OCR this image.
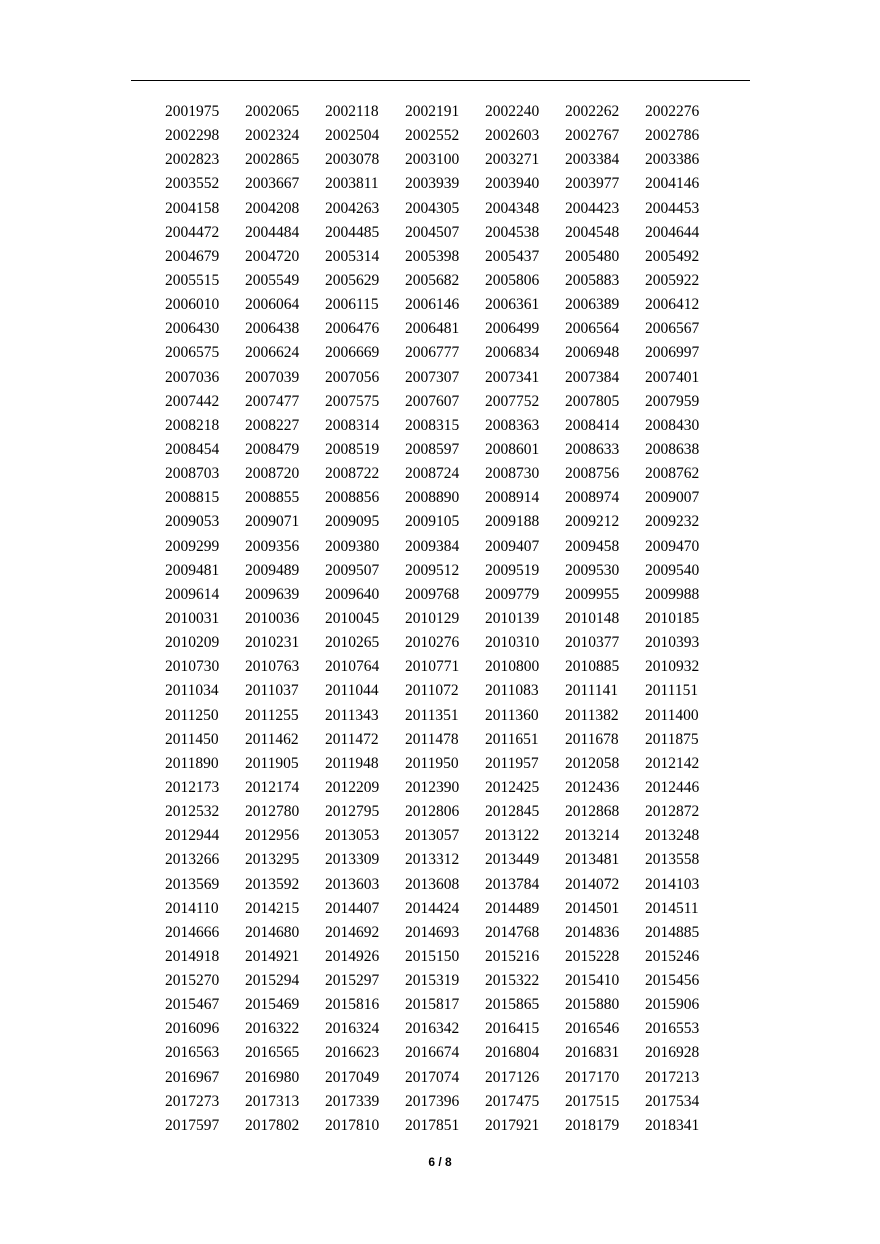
2001975	2002065	2002118	2002191	2002240	2002262	2002276
2002298	2002324	2002504	2002552	2002603	2002767	2002786
2002823	2002865	2003078	2003100	2003271	2003384	2003386
2003552	2003667	2003811	2003939	2003940	2003977	2004146
2004158	2004208	2004263	2004305	2004348	2004423	2004453
2004472	2004484	2004485	2004507	2004538	2004548	2004644
2004679	2004720	2005314	2005398	2005437	2005480	2005492
2005515	2005549	2005629	2005682	2005806	2005883	2005922
2006010	2006064	2006115	2006146	2006361	2006389	2006412
2006430	2006438	2006476	2006481	2006499	2006564	2006567
2006575	2006624	2006669	2006777	2006834	2006948	2006997
2007036	2007039	2007056	2007307	2007341	2007384	2007401
2007442	2007477	2007575	2007607	2007752	2007805	2007959
2008218	2008227	2008314	2008315	2008363	2008414	2008430
2008454	2008479	2008519	2008597	2008601	2008633	2008638
2008703	2008720	2008722	2008724	2008730	2008756	2008762
2008815	2008855	2008856	2008890	2008914	2008974	2009007
2009053	2009071	2009095	2009105	2009188	2009212	2009232
2009299	2009356	2009380	2009384	2009407	2009458	2009470
2009481	2009489	2009507	2009512	2009519	2009530	2009540
2009614	2009639	2009640	2009768	2009779	2009955	2009988
2010031	2010036	2010045	2010129	2010139	2010148	2010185
2010209	2010231	2010265	2010276	2010310	2010377	2010393
2010730	2010763	2010764	2010771	2010800	2010885	2010932
2011034	2011037	2011044	2011072	2011083	2011141	2011151
2011250	2011255	2011343	2011351	2011360	2011382	2011400
2011450	2011462	2011472	2011478	2011651	2011678	2011875
2011890	2011905	2011948	2011950	2011957	2012058	2012142
2012173	2012174	2012209	2012390	2012425	2012436	2012446
2012532	2012780	2012795	2012806	2012845	2012868	2012872
2012944	2012956	2013053	2013057	2013122	2013214	2013248
2013266	2013295	2013309	2013312	2013449	2013481	2013558
2013569	2013592	2013603	2013608	2013784	2014072	2014103
2014110	2014215	2014407	2014424	2014489	2014501	2014511
2014666	2014680	2014692	2014693	2014768	2014836	2014885
2014918	2014921	2014926	2015150	2015216	2015228	2015246
2015270	2015294	2015297	2015319	2015322	2015410	2015456
2015467	2015469	2015816	2015817	2015865	2015880	2015906
2016096	2016322	2016324	2016342	2016415	2016546	2016553
2016563	2016565	2016623	2016674	2016804	2016831	2016928
2016967	2016980	2017049	2017074	2017126	2017170	2017213
2017273	2017313	2017339	2017396	2017475	2017515	2017534
2017597	2017802	2017810	2017851	2017921	2018179	2018341
6 / 8
